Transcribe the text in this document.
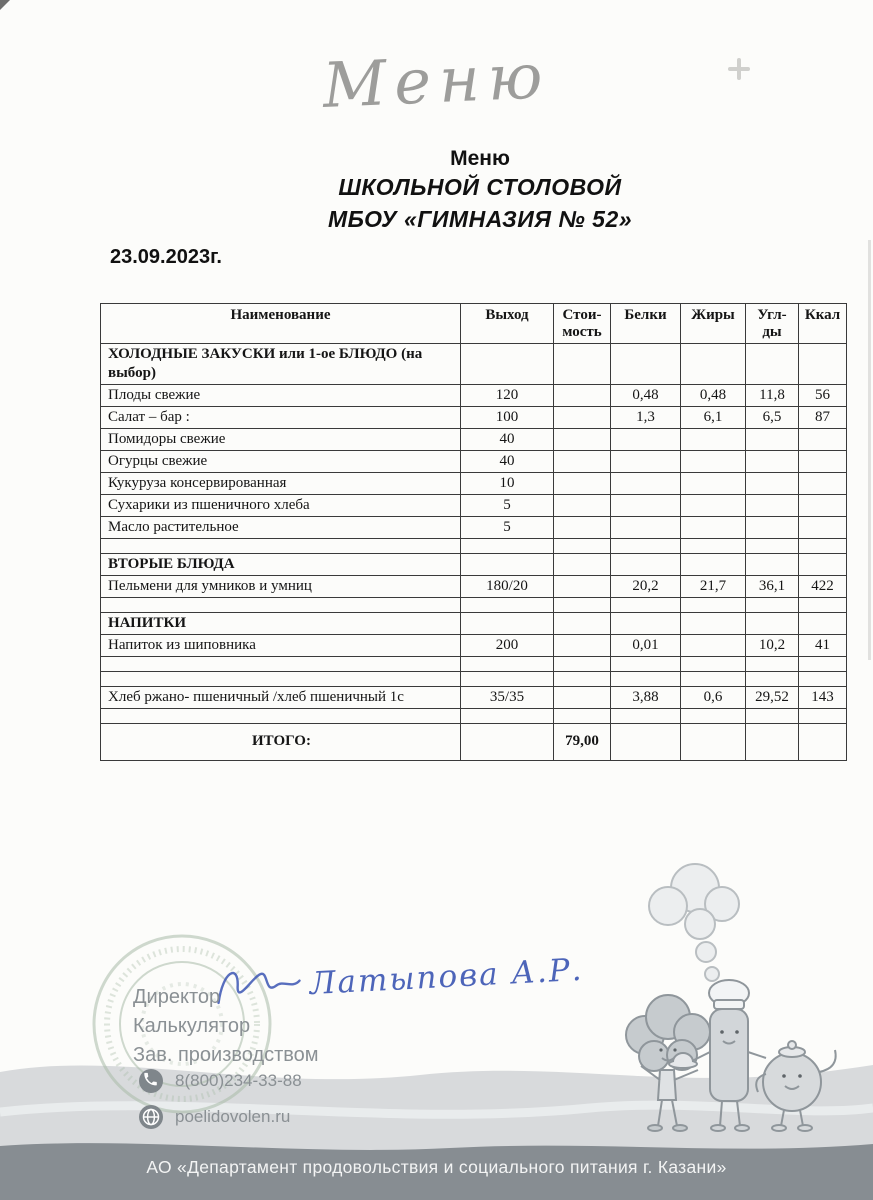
Меню
Меню
ШКОЛЬНОЙ СТОЛОВОЙ
МБОУ «ГИМНАЗИЯ № 52»
23.09.2023г.
Наименование	Выход	Стои- мость	Белки	Жиры	Угл- ды	Ккал
ХОЛОДНЫЕ ЗАКУСКИ или 1-ое БЛЮДО (на выбор)						
Плоды свежие	120		0,48	0,48	11,8	56
Салат – бар :	100		1,3	6,1	6,5	87
Помидоры свежие	40					
Огурцы свежие	40					
Кукуруза консервированная	10					
Сухарики из пшеничного хлеба	5					
Масло растительное	5					

ВТОРЫЕ БЛЮДА						
Пельмени для умников и умниц	180/20		20,2	21,7	36,1	422

НАПИТКИ						
Напиток из шиповника	200		0,01		10,2	41

Хлеб ржано- пшеничный /хлеб пшеничный 1с	35/35		3,88	0,6	29,52	143

ИТОГО:		79,00				
Латыпова А.Р.
Директор
Калькулятор
Зав. производством
8(800)234-33-88
poelidovolen.ru
АО «Департамент продовольствия и социального питания г. Казани»
